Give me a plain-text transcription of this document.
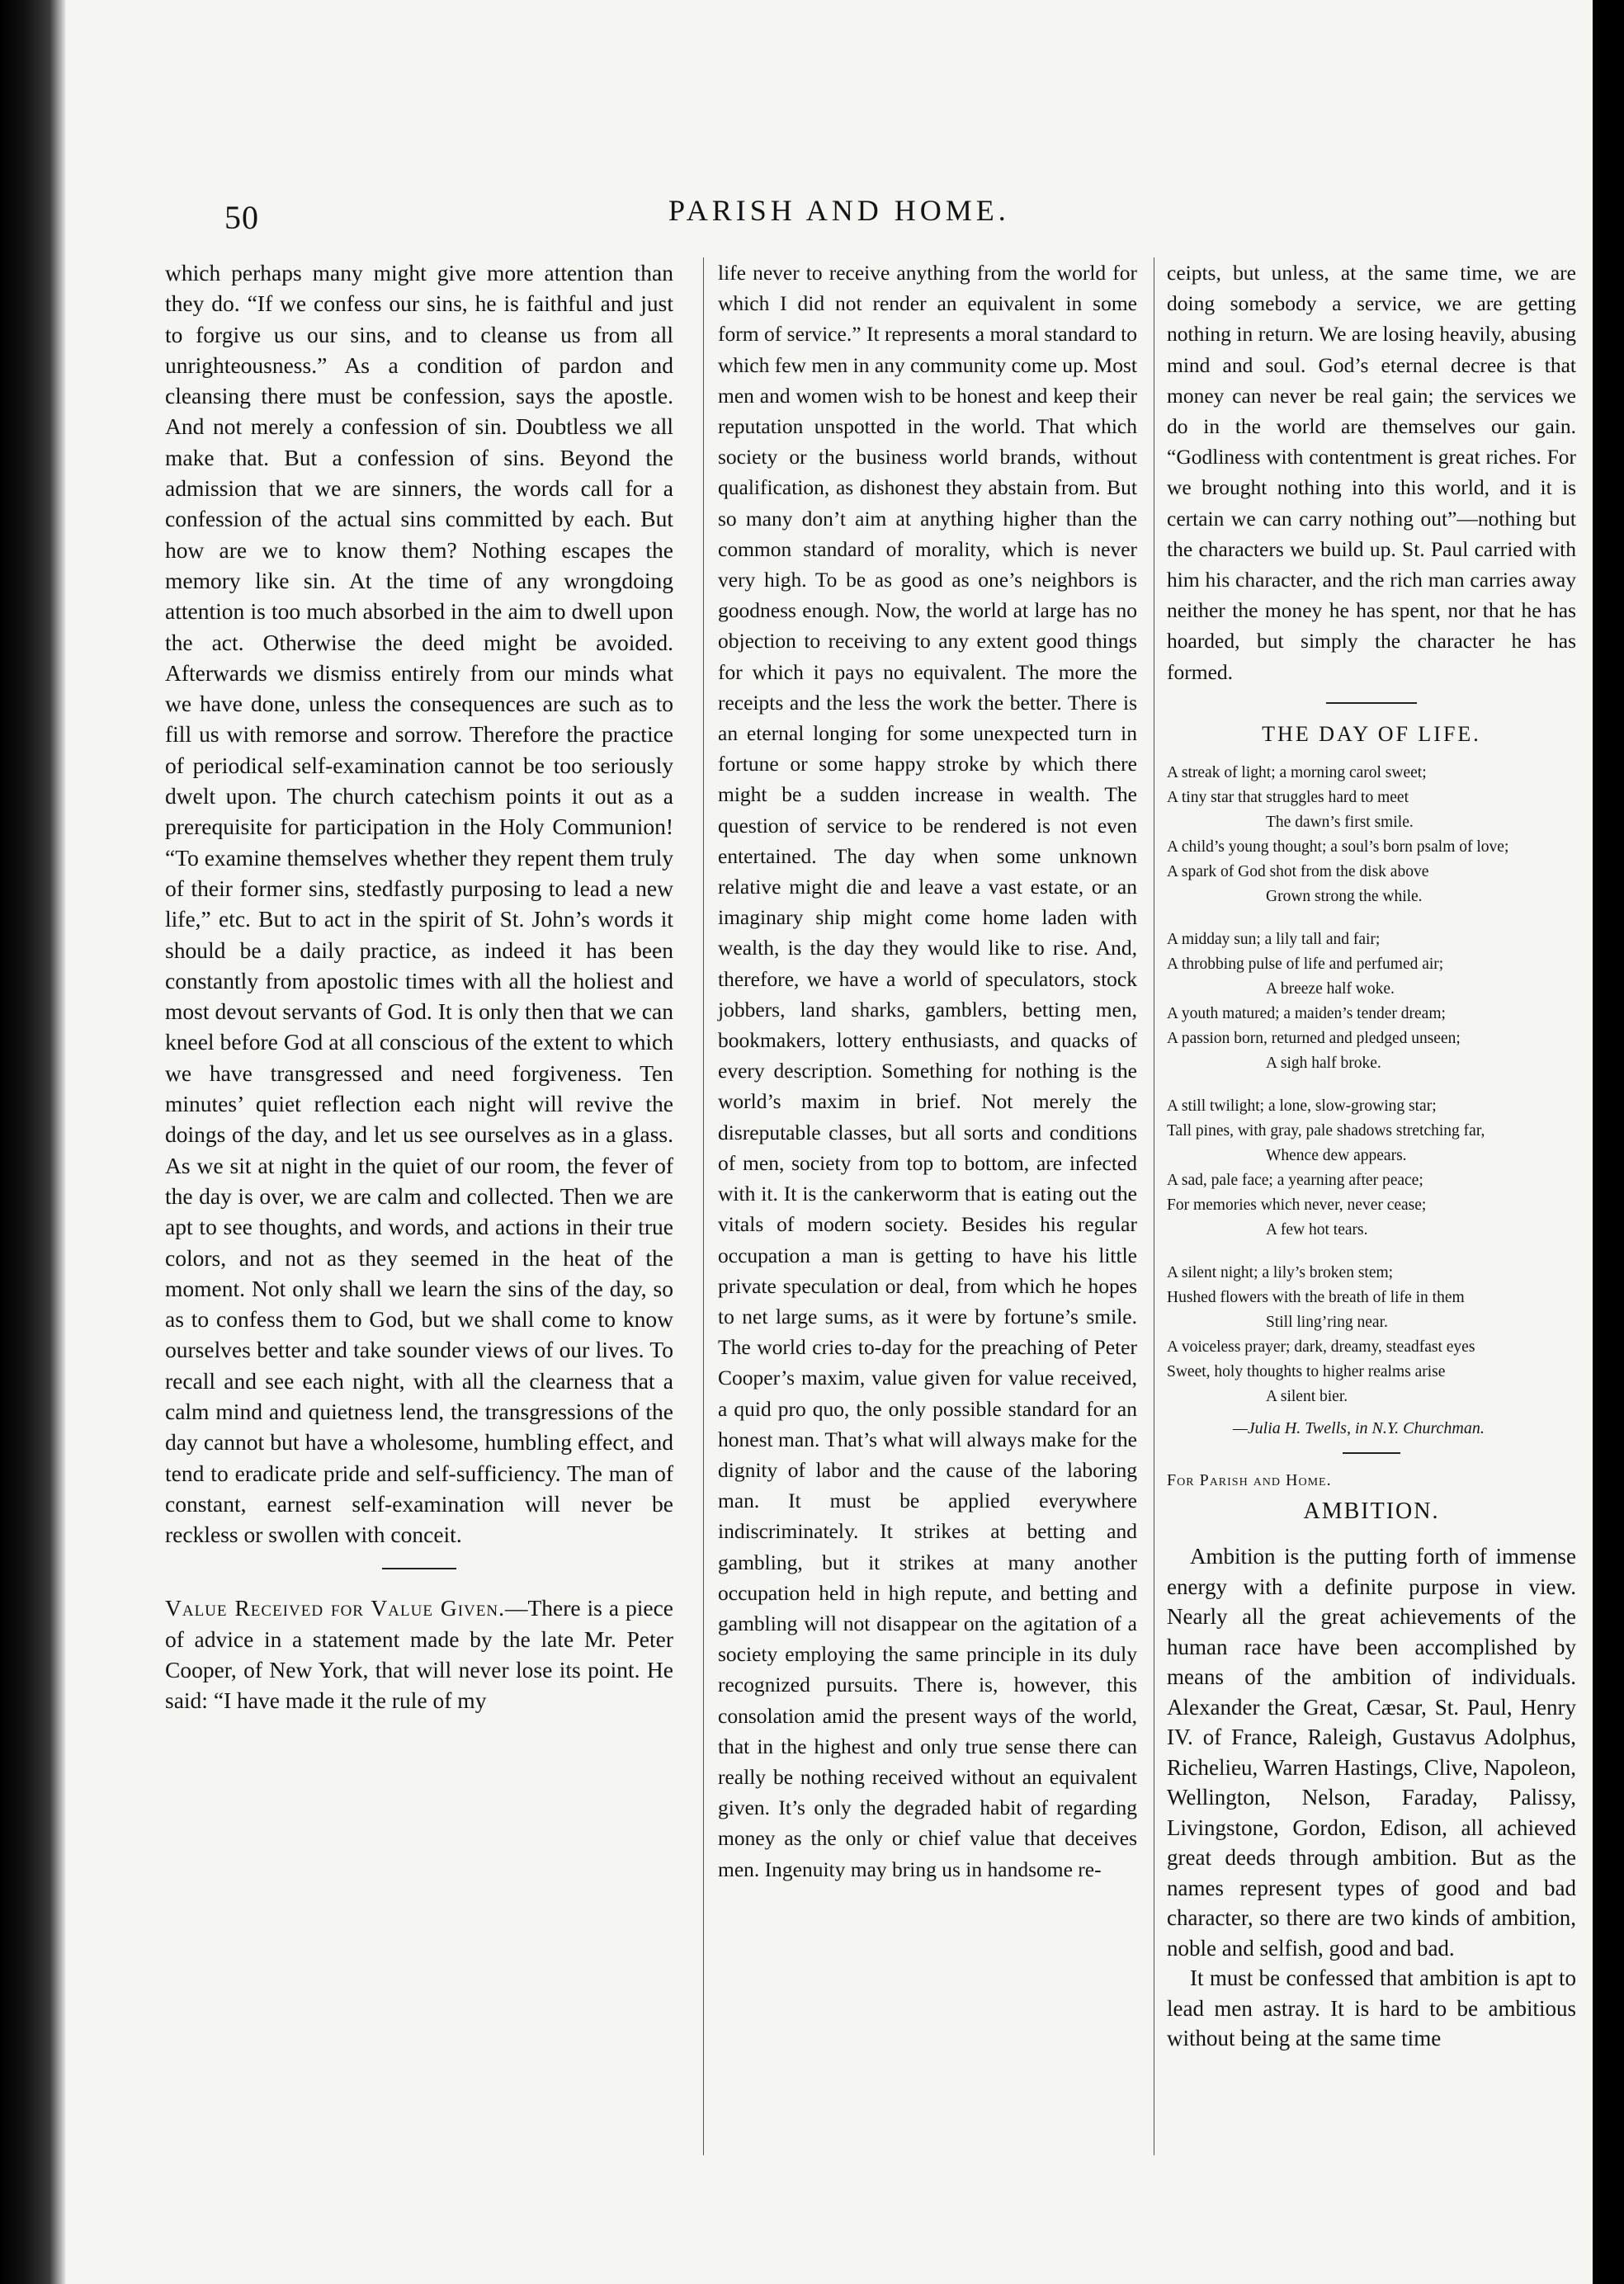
50	PARISH AND HOME.

which perhaps many might give more attention than they do. “If we confess our sins, he is faithful and just to forgive us our sins, and to cleanse us from all unrighteousness.” As a condition of pardon and cleansing there must be confession, says the apostle. And not merely a confession of sin. Doubtless we all make that. But a confession of sins. Beyond the admission that we are sinners, the words call for a confession of the actual sins committed by each. But how are we to know them? Nothing escapes the memory like sin. At the time of any wrongdoing attention is too much absorbed in the aim to dwell upon the act. Otherwise the deed might be avoided. Afterwards we dismiss entirely from our minds what we have done, unless the consequences are such as to fill us with remorse and sorrow. Therefore the practice of periodical self-examination cannot be too seriously dwelt upon. The church catechism points it out as a prerequisite for participation in the Holy Communion! “To examine themselves whether they repent them truly of their former sins, stedfastly purposing to lead a new life,” etc. But to act in the spirit of St. John’s words it should be a daily practice, as indeed it has been constantly from apostolic times with all the holiest and most devout servants of God. It is only then that we can kneel before God at all conscious of the extent to which we have transgressed and need forgiveness. Ten minutes’ quiet reflection each night will revive the doings of the day, and let us see ourselves as in a glass. As we sit at night in the quiet of our room, the fever of the day is over, we are calm and collected. Then we are apt to see thoughts, and words, and actions in their true colors, and not as they seemed in the heat of the moment. Not only shall we learn the sins of the day, so as to confess them to God, but we shall come to know ourselves better and take sounder views of our lives. To recall and see each night, with all the clearness that a calm mind and quietness lend, the transgressions of the day cannot but have a wholesome, humbling effect, and tend to eradicate pride and self-sufficiency. The man of constant, earnest self-examination will never be reckless or swollen with conceit.

Value Received for Value Given.—There is a piece of advice in a statement made by the late Mr. Peter Cooper, of New York, that will never lose its point. He said: “I have made it the rule of my

life never to receive anything from the world for which I did not render an equivalent in some form of service.” It represents a moral standard to which few men in any community come up. Most men and women wish to be honest and keep their reputation unspotted in the world. That which society or the business world brands, without qualification, as dishonest they abstain from. But so many don’t aim at anything higher than the common standard of morality, which is never very high. To be as good as one’s neighbors is goodness enough. Now, the world at large has no objection to receiving to any extent good things for which it pays no equivalent. The more the receipts and the less the work the better. There is an eternal longing for some unexpected turn in fortune or some happy stroke by which there might be a sudden increase in wealth. The question of service to be rendered is not even entertained. The day when some unknown relative might die and leave a vast estate, or an imaginary ship might come home laden with wealth, is the day they would like to rise. And, therefore, we have a world of speculators, stock jobbers, land sharks, gamblers, betting men, bookmakers, lottery enthusiasts, and quacks of every description. Something for nothing is the world’s maxim in brief. Not merely the disreputable classes, but all sorts and conditions of men, society from top to bottom, are infected with it. It is the cankerworm that is eating out the vitals of modern society. Besides his regular occupation a man is getting to have his little private speculation or deal, from which he hopes to net large sums, as it were by fortune’s smile. The world cries to-day for the preaching of Peter Cooper’s maxim, value given for value received, a quid pro quo, the only possible standard for an honest man. That’s what will always make for the dignity of labor and the cause of the laboring man. It must be applied everywhere indiscriminately. It strikes at betting and gambling, but it strikes at many another occupation held in high repute, and betting and gambling will not disappear on the agitation of a society employing the same principle in its duly recognized pursuits. There is, however, this consolation amid the present ways of the world, that in the highest and only true sense there can really be nothing received without an equivalent given. It’s only the degraded habit of regarding money as the only or chief value that deceives men. Ingenuity may bring us in handsome re-

ceipts, but unless, at the same time, we are doing somebody a service, we are getting nothing in return. We are losing heavily, abusing mind and soul. God’s eternal decree is that money can never be real gain; the services we do in the world are themselves our gain. “Godliness with contentment is great riches. For we brought nothing into this world, and it is certain we can carry nothing out”—nothing but the characters we build up. St. Paul carried with him his character, and the rich man carries away neither the money he has spent, nor that he has hoarded, but simply the character he has formed.

THE DAY OF LIFE.
A streak of light; a morning carol sweet;
A tiny star that struggles hard to meet
The dawn’s first smile.
A child’s young thought; a soul’s born psalm of love;
A spark of God shot from the disk above
Grown strong the while.
A midday sun; a lily tall and fair;
A throbbing pulse of life and perfumed air;
A breeze half woke.
A youth matured; a maiden’s tender dream;
A passion born, returned and pledged unseen;
A sigh half broke.
A still twilight; a lone, slow-growing star;
Tall pines, with gray, pale shadows stretching far,
Whence dew appears.
A sad, pale face; a yearning after peace;
For memories which never, never cease;
A few hot tears.
A silent night; a lily’s broken stem;
Hushed flowers with the breath of life in them
Still ling’ring near.
A voiceless prayer; dark, dreamy, steadfast eyes
Sweet, holy thoughts to higher realms arise
A silent bier.
—Julia H. Twells, in N.Y. Churchman.
For Parish and Home.
AMBITION.

Ambition is the putting forth of immense energy with a definite purpose in view. Nearly all the great achievements of the human race have been accomplished by means of the ambition of individuals. Alexander the Great, Cæsar, St. Paul, Henry IV. of France, Raleigh, Gustavus Adolphus, Richelieu, Warren Hastings, Clive, Napoleon, Wellington, Nelson, Faraday, Palissy, Livingstone, Gordon, Edison, all achieved great deeds through ambition. But as the names represent types of good and bad character, so there are two kinds of ambition, noble and selfish, good and bad.

It must be confessed that ambition is apt to lead men astray. It is hard to be ambitious without being at the same time
